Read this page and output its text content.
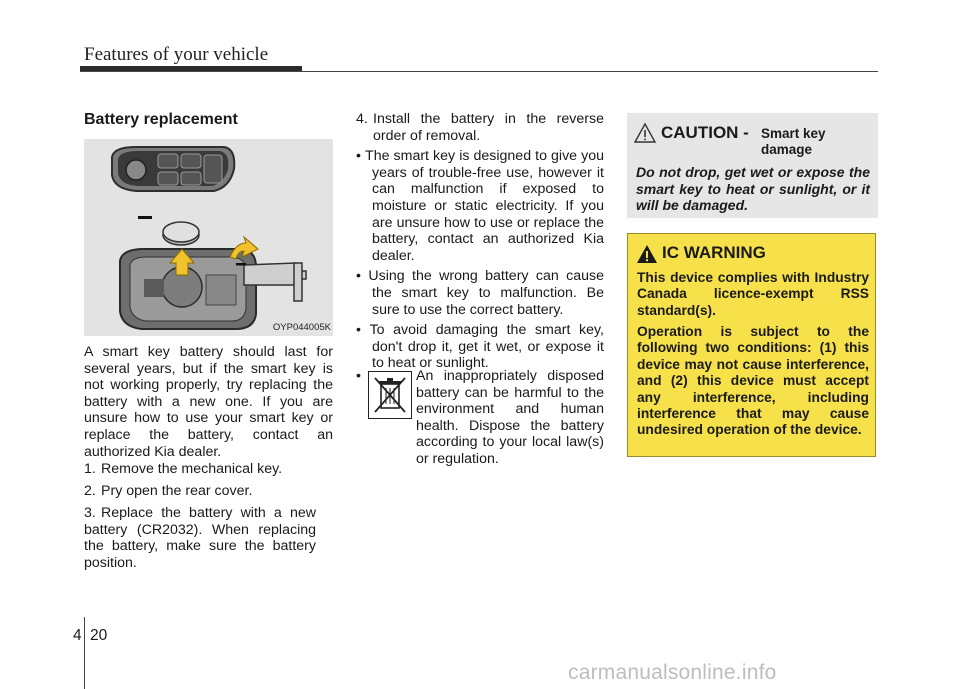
Features of your vehicle
Battery replacement
OYP044005K
A smart key battery should last for several years, but if the smart key is not working properly, try replacing the battery with a new one. If you are unsure how to use your smart key or replace the battery, contact an authorized Kia dealer.
1. Remove the mechanical key.
2. Pry open the rear cover.
3. Replace the battery with a new battery (CR2032). When replacing the battery, make sure the battery position.
4. Install the battery in the reverse order of removal.
• The smart key is designed to give you years of trouble-free use, however it can malfunction if exposed to moisture or static electricity. If you are unsure how to use or replace the battery, contact an authorized Kia dealer.
• Using the wrong battery can cause the smart key to malfunction. Be sure to use the correct battery.
• To avoid damaging the smart key, don't drop it, get it wet, or expose it to heat or sunlight.
•	An inappropriately disposed battery can be harmful to the environment and human health. Dispose the battery according to your local law(s) or regulation.
CAUTION - Smart key damage
Do not drop, get wet or expose the smart key to heat or sunlight, or it will be damaged.
IC WARNING
This device complies with Industry Canada licence-exempt RSS standard(s).
Operation is subject to the following two conditions: (1) this device may not cause interference, and (2) this device must accept any interference, including interference that may cause undesired operation of the device.
4 20
carmanualsonline.info
